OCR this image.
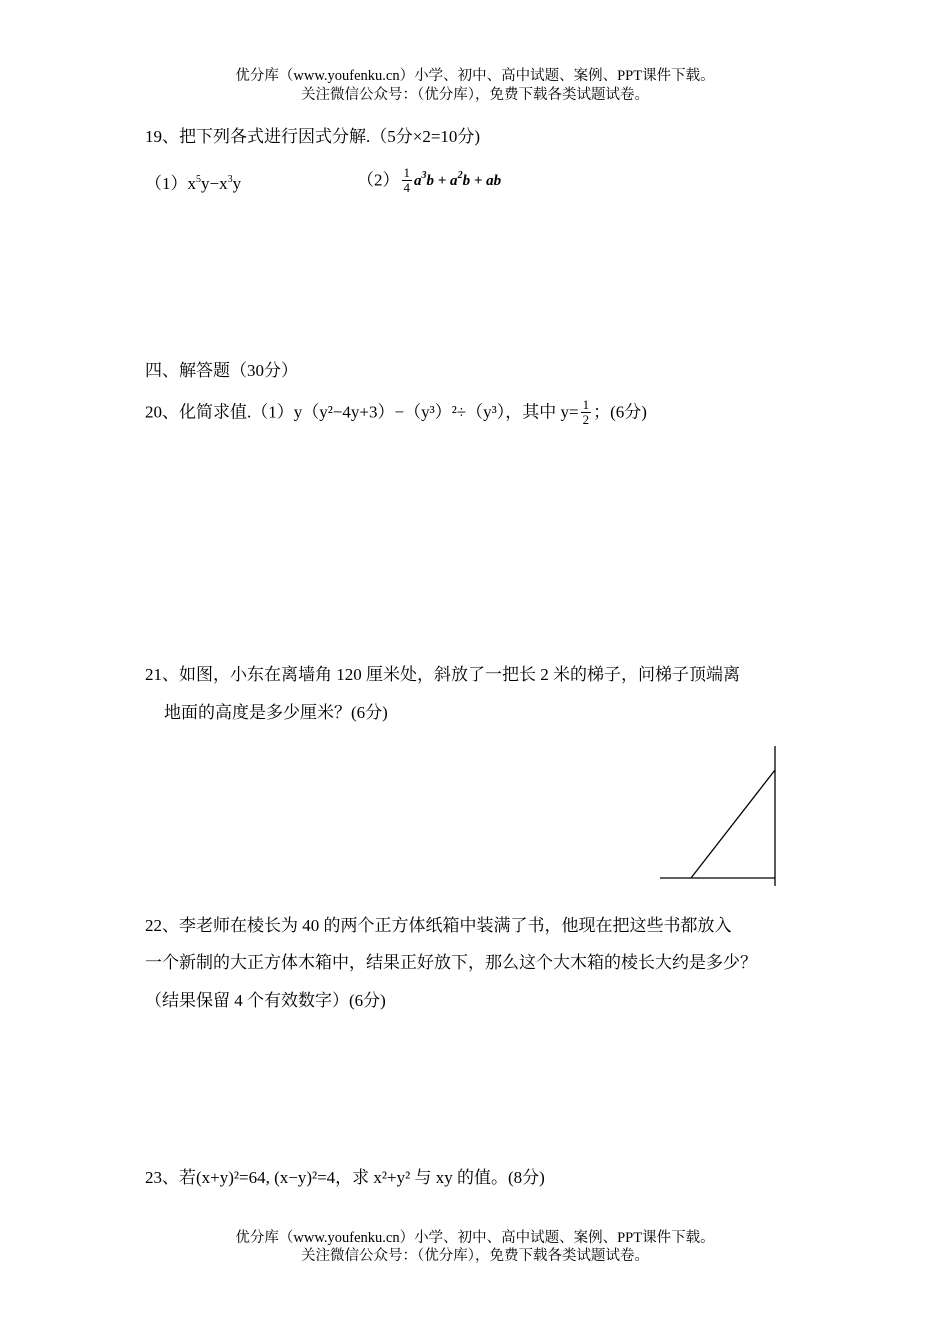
优分库（www.youfenku.cn）小学、初中、高中试题、案例、PPT课件下载。
关注微信公众号：（优分库），免费下载各类试题试卷。
19、把下列各式进行因式分解.（5分×2=10分)
$(1)x^5y-x^3y$	$(2) \frac{1}{4} a^3b + a^2b$ + ab
四、解答题（30分）
20、化简求值.（1）y（y²−4y+3）−（y³）²÷（y³），其中 $y= \frac{1}{2}$ ；(6分)
21、如图，小东在离墙角 120 厘米处，斜放了一把长 2 米的梯子，问梯子顶端离
地面的高度是多少厘米？(6分)
22、李老师在棱长为 40 的两个正方体纸箱中装满了书，他现在把这些书都放入
一个新制的大正方体木箱中，结果正好放下，那么这个大木箱的棱长大约是多少？
（结果保留 4 个有效数字）(6分)
23、若(x+y)²=64, (x−y)²=4，求 x²+y² 与 xy 的值。(8分)
优分库（www.youfenku.cn）小学、初中、高中试题、案例、PPT课件下载。
关注微信公众号：（优分库），免费下载各类试题试卷。
